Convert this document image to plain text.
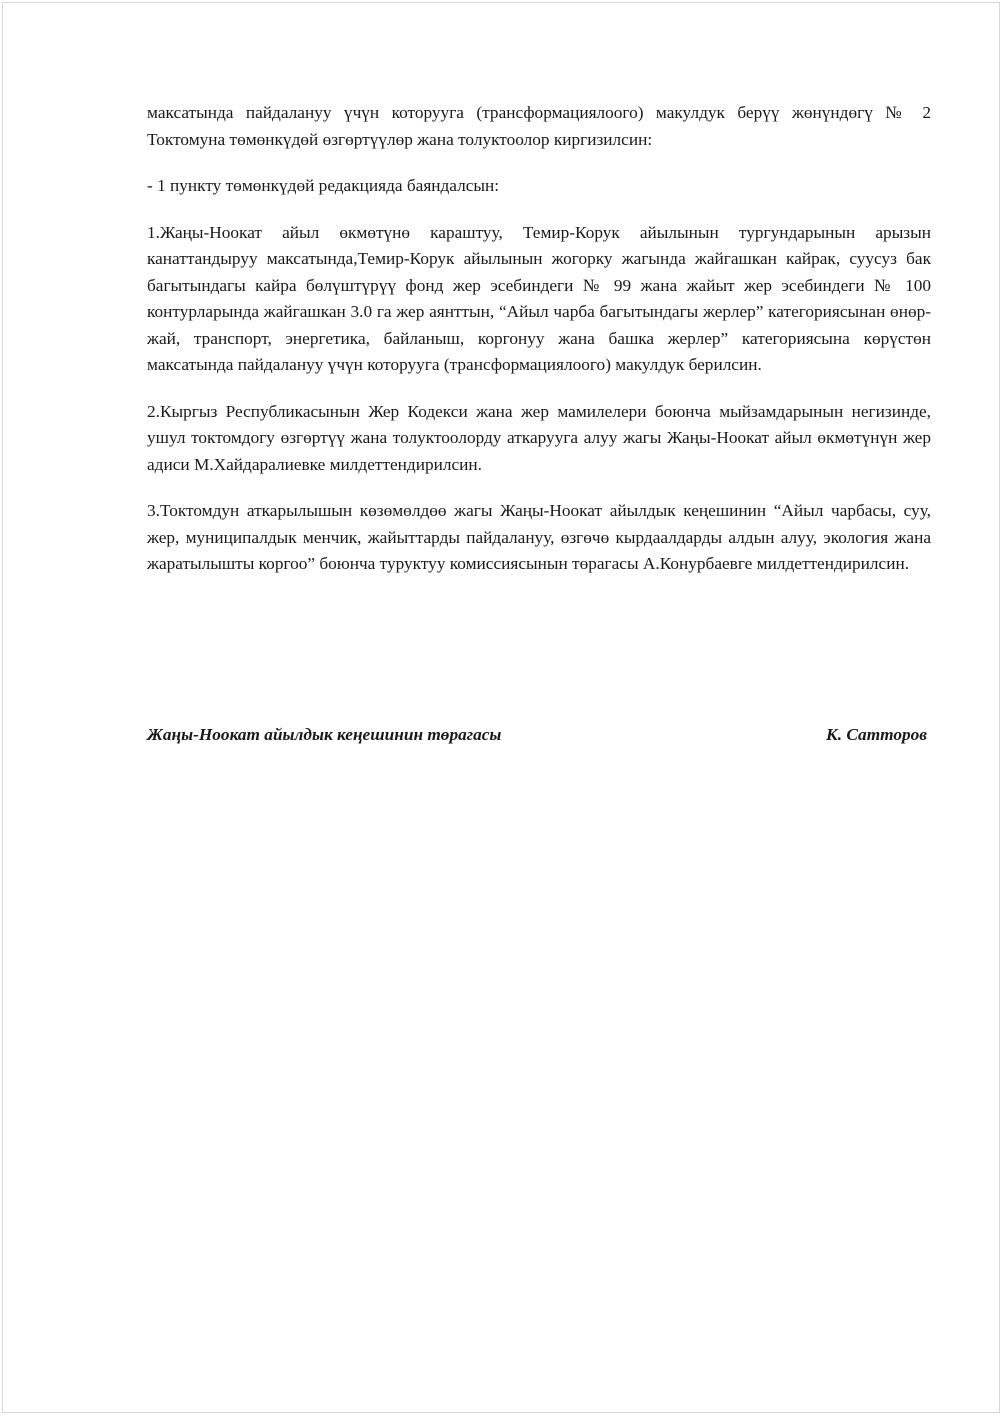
максатында пайдалануу үчүн которууга (трансформациялоого) макулдук берүү жөнүндөгү № 2 Токтомуна төмөнкүдөй өзгөртүүлөр жана толуктоолор киргизилсин:

- 1 пункту төмөнкүдөй редакцияда баяндалсын:

1.Жаңы-Ноокат айыл өкмөтүнө караштуу, Темир-Корук айылынын тургундарынын арызын канаттандыруу максатында,Темир-Корук айылынын жогорку жагында жайгашкан кайрак, суусуз бак багытындагы кайра бөлүштүрүү фонд жер эсебиндеги № 99 жана жайыт жер эсебиндеги № 100 контурларында жайгашкан 3.0 га жер аянттын, “Айыл чарба багытындагы жерлер” категориясынан өнөр-жай, транспорт, энергетика, байланыш, коргонуу жана башка жерлер” категориясына көрүстөн максатында пайдалануу үчүн которууга (трансформациялоого) макулдук берилсин.

2.Кыргыз Республикасынын Жер Кодекси жана жер мамилелери боюнча мыйзамдарынын негизинде, ушул токтомдогу өзгөртүү жана толуктоолорду аткарууга алуу жагы Жаңы-Ноокат айыл өкмөтүнүн жер адиси М.Хайдаралиевке милдеттендирилсин.

3.Токтомдун аткарылышын көзөмөлдөө жагы Жаңы-Ноокат айылдык кеңешинин “Айыл чарбасы, суу, жер, муниципалдык менчик, жайыттарды пайдалануу, өзгөчө кырдаалдарды алдын алуу, экология жана жаратылышты коргоо” боюнча туруктуу комиссиясынын төрагасы А.Конурбаевге милдеттендирилсин.

Жаңы-Ноокат айылдык кеңешинин төрагасы	К. Сатторов
